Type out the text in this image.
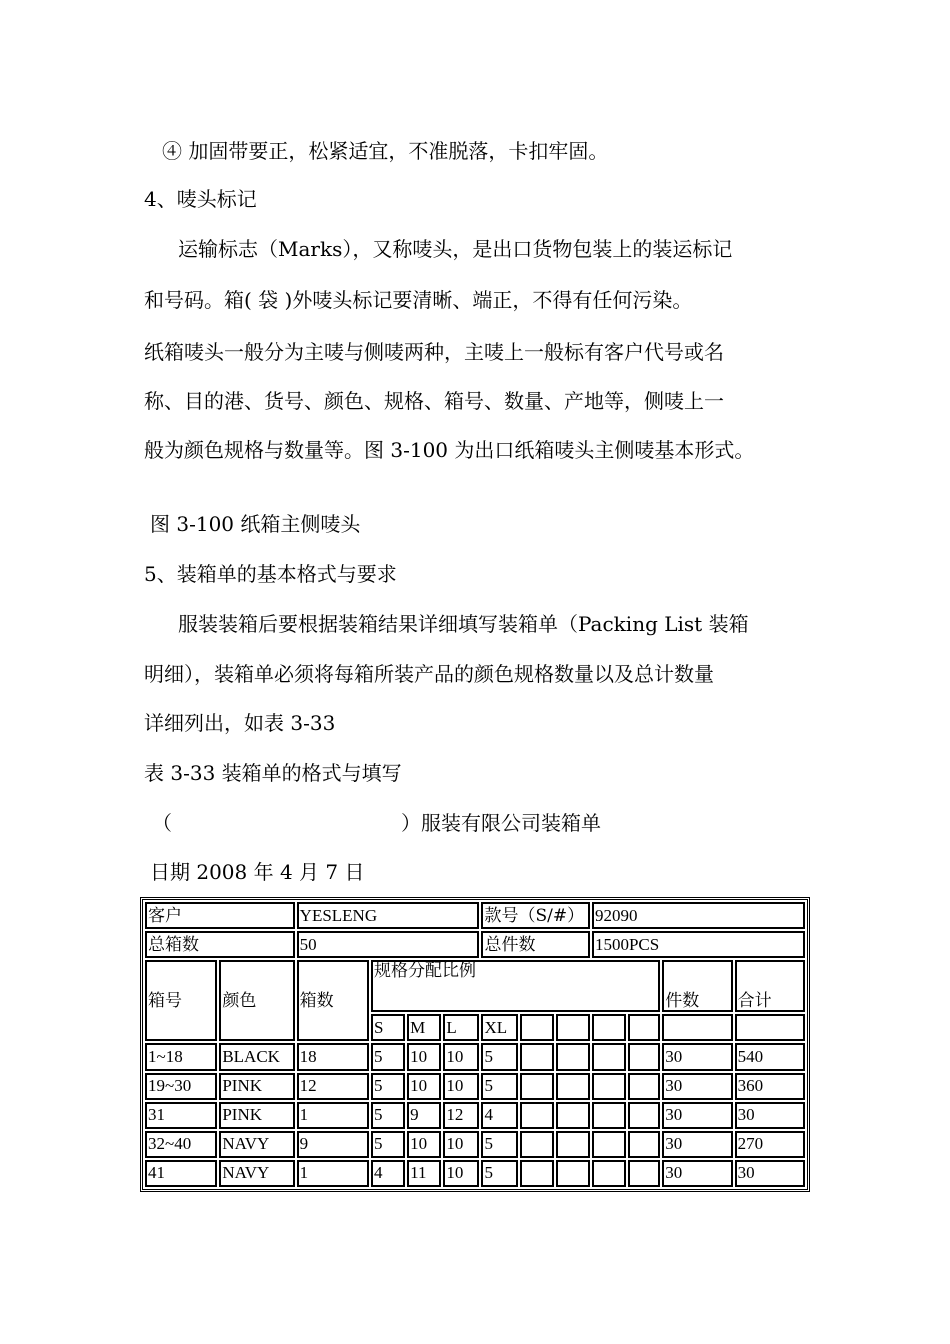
④ 加固带要正，松紧适宜，不准脱落，卡扣牢固。
4、唛头标记
运输标志（Marks），又称唛头，是出口货物包装上的装运标记
和号码。箱( 袋 )外唛头标记要清晰、端正，不得有任何污染。
纸箱唛头一般分为主唛与侧唛两种，主唛上一般标有客户代号或名
称、目的港、货号、颜色、规格、箱号、数量、产地等，侧唛上一
般为颜色规格与数量等。图 3-100 为出口纸箱唛头主侧唛基本形式。
图 3-100 纸箱主侧唛头
5、装箱单的基本格式与要求
服装装箱后要根据装箱结果详细填写装箱单（Packing List 装箱
明细），装箱单必须将每箱所装产品的颜色规格数量以及总计数量
详细列出，如表 3-33
表 3-33 装箱单的格式与填写
（	）服装有限公司装箱单
日期 2008 年 4 月 7 日
客户		YESLENG				款号（S/#）			92090			
总箱数		50				总件数			1500PCS			
箱号	颜色	箱数	规格分配比例								件数	合计
			S	M	L	XL						
1~18	BLACK	18	5	10	10	5					30	540
19~30	PINK	12	5	10	10	5					30	360
31	PINK	1	5	9	12	4					30	30
32~40	NAVY	9	5	10	10	5					30	270
41	NAVY	1	4	11	10	5					30	30
